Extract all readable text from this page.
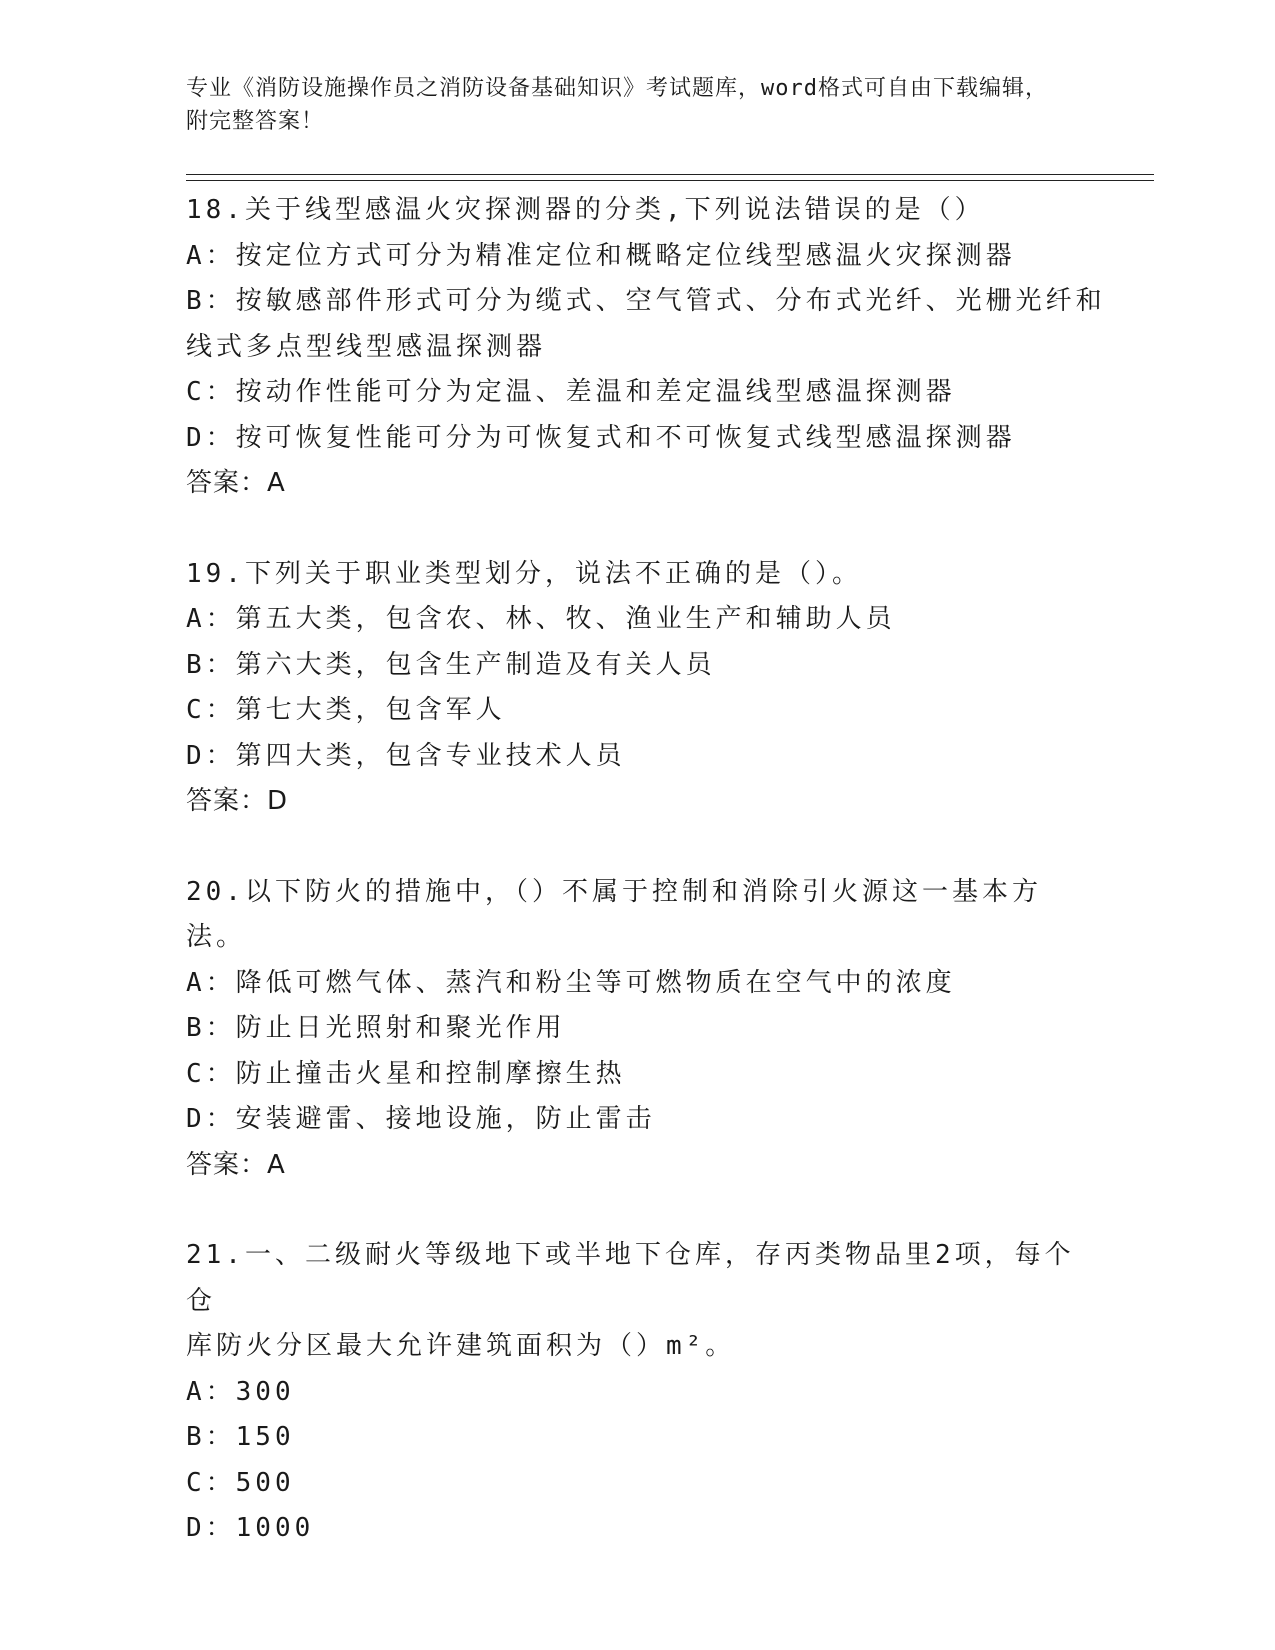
专业《消防设施操作员之消防设备基础知识》考试题库，word格式可自由下载编辑，附完整答案！
18.关于线型感温火灾探测器的分类,下列说法错误的是（）
A：按定位方式可分为精准定位和概略定位线型感温火灾探测器
B：按敏感部件形式可分为缆式、空气管式、分布式光纤、光栅光纤和
线式多点型线型感温探测器
C：按动作性能可分为定温、差温和差定温线型感温探测器
D：按可恢复性能可分为可恢复式和不可恢复式线型感温探测器
答案：A
19.下列关于职业类型划分，说法不正确的是（）。
A：第五大类，包含农、林、牧、渔业生产和辅助人员
B：第六大类，包含生产制造及有关人员
C：第七大类，包含军人
D：第四大类，包含专业技术人员
答案：D
20.以下防火的措施中，（）不属于控制和消除引火源这一基本方法。
A：降低可燃气体、蒸汽和粉尘等可燃物质在空气中的浓度
B：防止日光照射和聚光作用
C：防止撞击火星和控制摩擦生热
D：安装避雷、接地设施，防止雷击
答案：A
21.一、二级耐火等级地下或半地下仓库，存丙类物品里2项，每个仓
库防火分区最大允许建筑面积为（）m²。
A：300
B：150
C：500
D：1000
